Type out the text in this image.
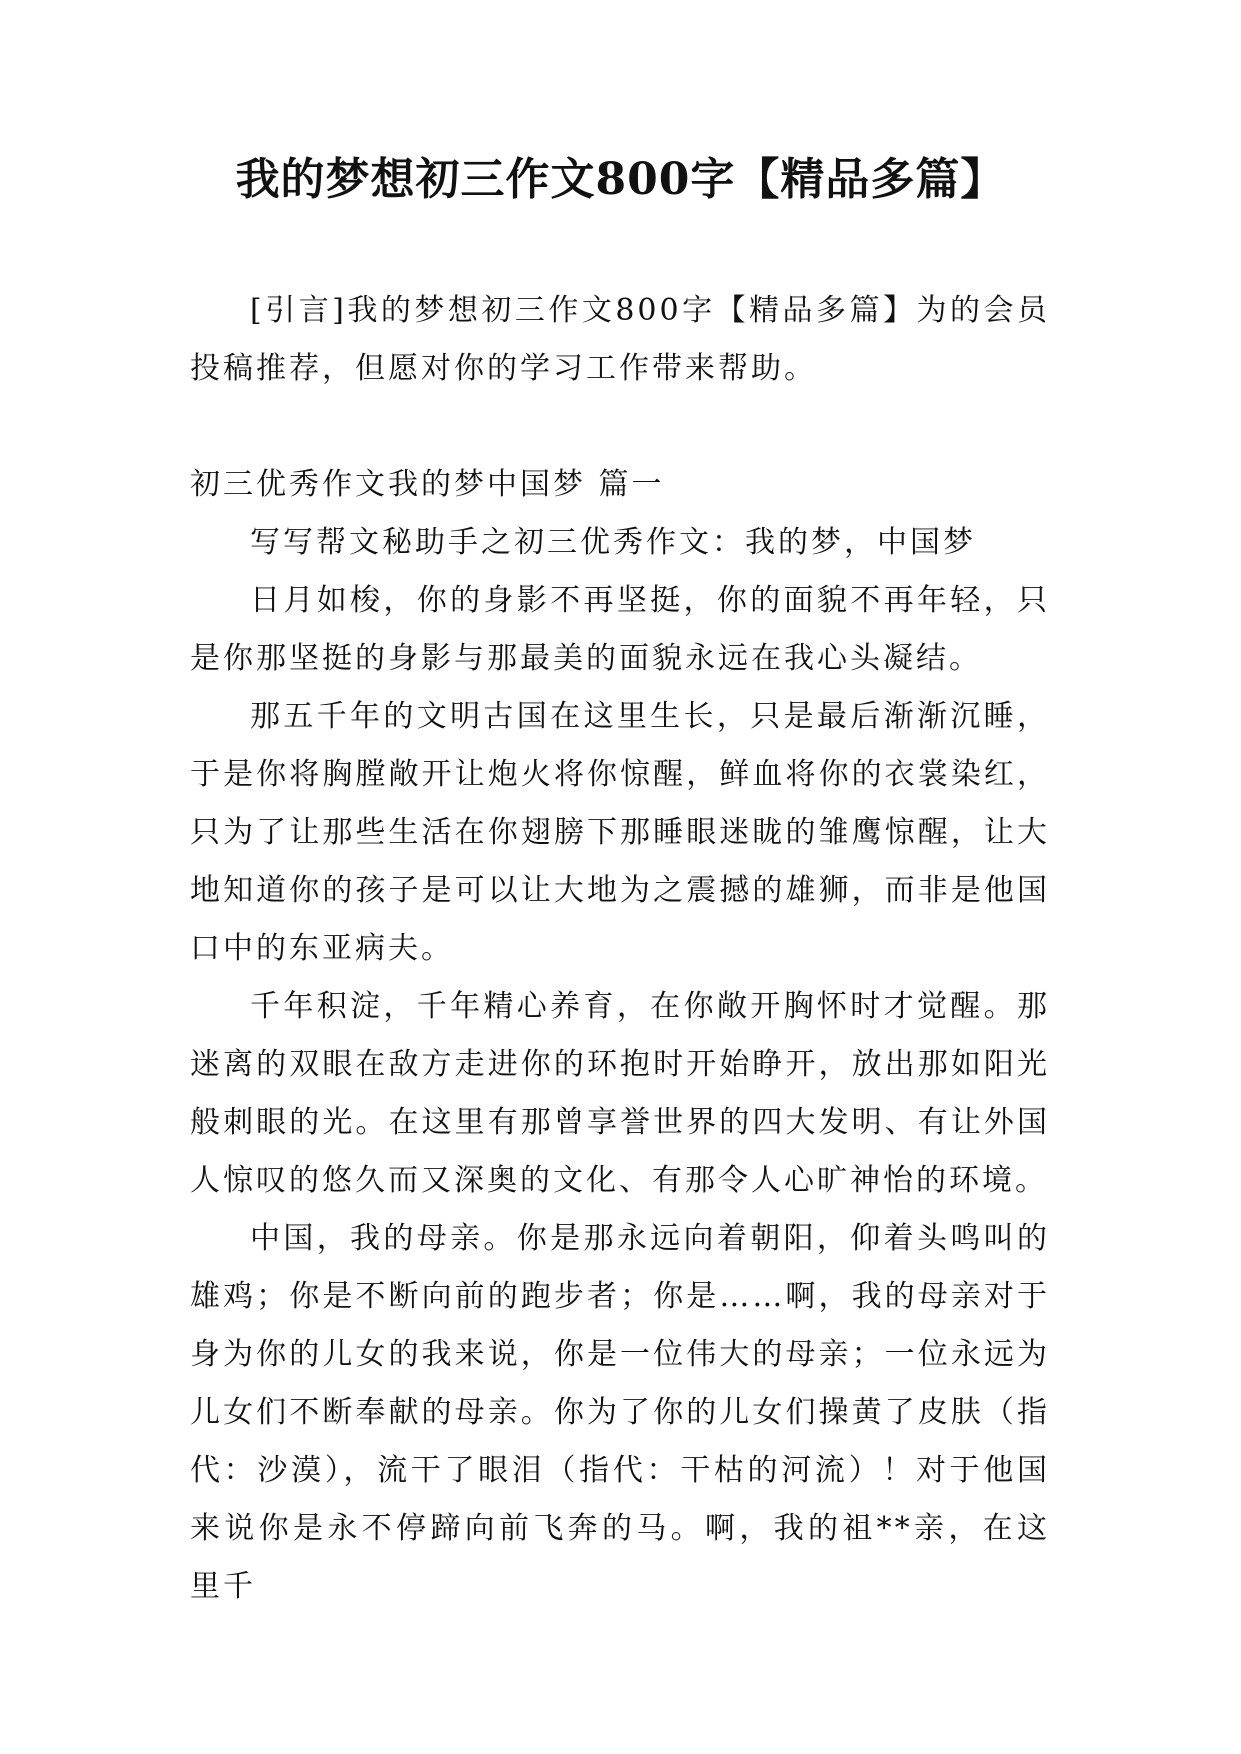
我的梦想初三作文800字【精品多篇】

[引言]我的梦想初三作文800字【精品多篇】为的会员投稿推荐，但愿对你的学习工作带来帮助。

初三优秀作文我的梦中国梦 篇一

写写帮文秘助手之初三优秀作文：我的梦，中国梦

日月如梭，你的身影不再坚挺，你的面貌不再年轻，只是你那坚挺的身影与那最美的面貌永远在我心头凝结。

那五千年的文明古国在这里生长，只是最后渐渐沉睡，于是你将胸膛敞开让炮火将你惊醒，鲜血将你的衣裳染红，只为了让那些生活在你翅膀下那睡眼迷眬的雏鹰惊醒，让大地知道你的孩子是可以让大地为之震撼的雄狮，而非是他国口中的东亚病夫。

千年积淀，千年精心养育，在你敞开胸怀时才觉醒。那迷离的双眼在敌方走进你的环抱时开始睁开，放出那如阳光般刺眼的光。在这里有那曾享誉世界的四大发明、有让外国人惊叹的悠久而又深奥的文化、有那令人心旷神怡的环境。

中国，我的母亲。你是那永远向着朝阳，仰着头鸣叫的雄鸡；你是不断向前的跑步者；你是……啊，我的母亲对于身为你的儿女的我来说，你是一位伟大的母亲；一位永远为儿女们不断奉献的母亲。你为了你的儿女们操黄了皮肤（指代：沙漠），流干了眼泪（指代：干枯的河流）！对于他国来说你是永不停蹄向前飞奔的马。啊，我的祖**亲，在这里千
